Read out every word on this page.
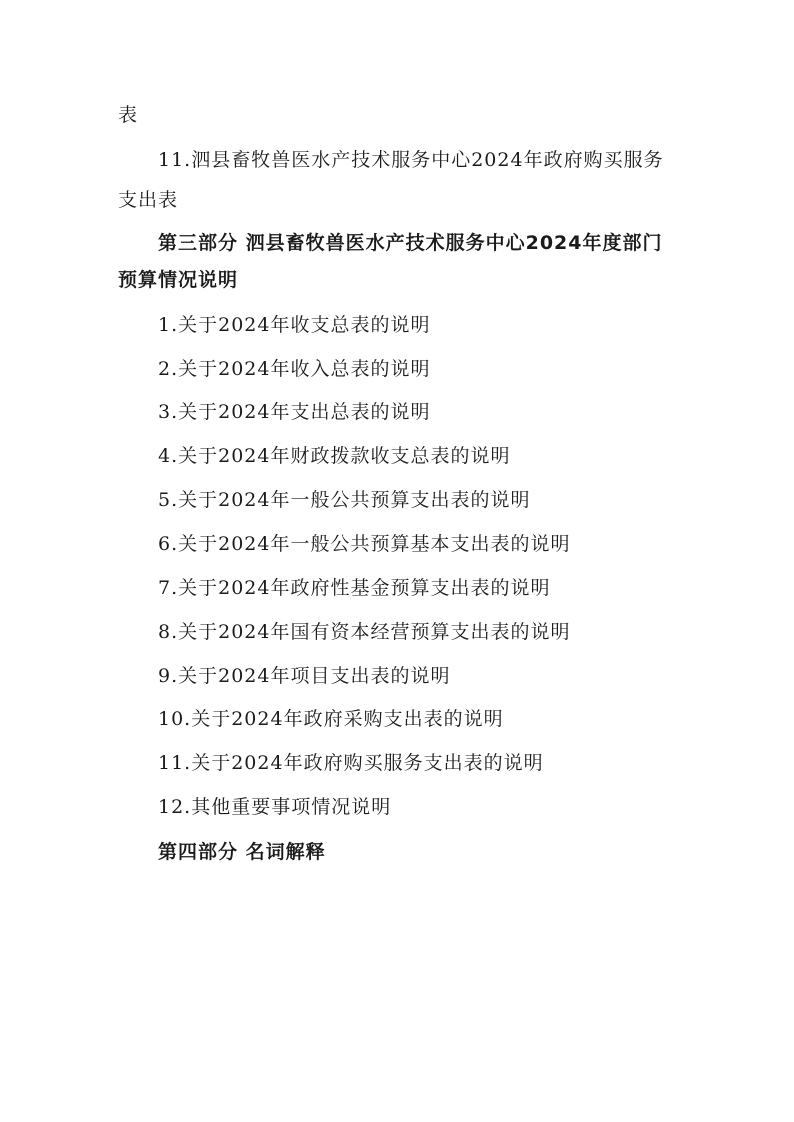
表
11.泗县畜牧兽医水产技术服务中心2024年政府购买服务
支出表
第三部分 泗县畜牧兽医水产技术服务中心2024年度部门
预算情况说明
1.关于2024年收支总表的说明
2.关于2024年收入总表的说明
3.关于2024年支出总表的说明
4.关于2024年财政拨款收支总表的说明
5.关于2024年一般公共预算支出表的说明
6.关于2024年一般公共预算基本支出表的说明
7.关于2024年政府性基金预算支出表的说明
8.关于2024年国有资本经营预算支出表的说明
9.关于2024年项目支出表的说明
10.关于2024年政府采购支出表的说明
11.关于2024年政府购买服务支出表的说明
12.其他重要事项情况说明
第四部分 名词解释
